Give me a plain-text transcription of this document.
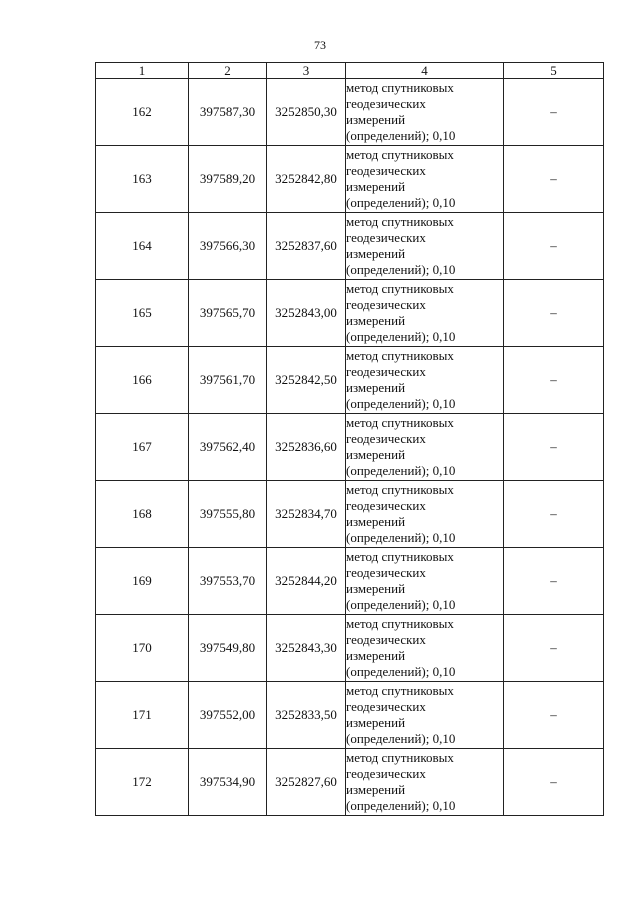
73
1	2	3	4	5
162	397587,30	3252850,30	метод спутниковых
геодезических
измерений
(определений); 0,10	–
163	397589,20	3252842,80	метод спутниковых
геодезических
измерений
(определений); 0,10	–
164	397566,30	3252837,60	метод спутниковых
геодезических
измерений
(определений); 0,10	–
165	397565,70	3252843,00	метод спутниковых
геодезических
измерений
(определений); 0,10	–
166	397561,70	3252842,50	метод спутниковых
геодезических
измерений
(определений); 0,10	–
167	397562,40	3252836,60	метод спутниковых
геодезических
измерений
(определений); 0,10	–
168	397555,80	3252834,70	метод спутниковых
геодезических
измерений
(определений); 0,10	–
169	397553,70	3252844,20	метод спутниковых
геодезических
измерений
(определений); 0,10	–
170	397549,80	3252843,30	метод спутниковых
геодезических
измерений
(определений); 0,10	–
171	397552,00	3252833,50	метод спутниковых
геодезических
измерений
(определений); 0,10	–
172	397534,90	3252827,60	метод спутниковых
геодезических
измерений
(определений); 0,10	–
